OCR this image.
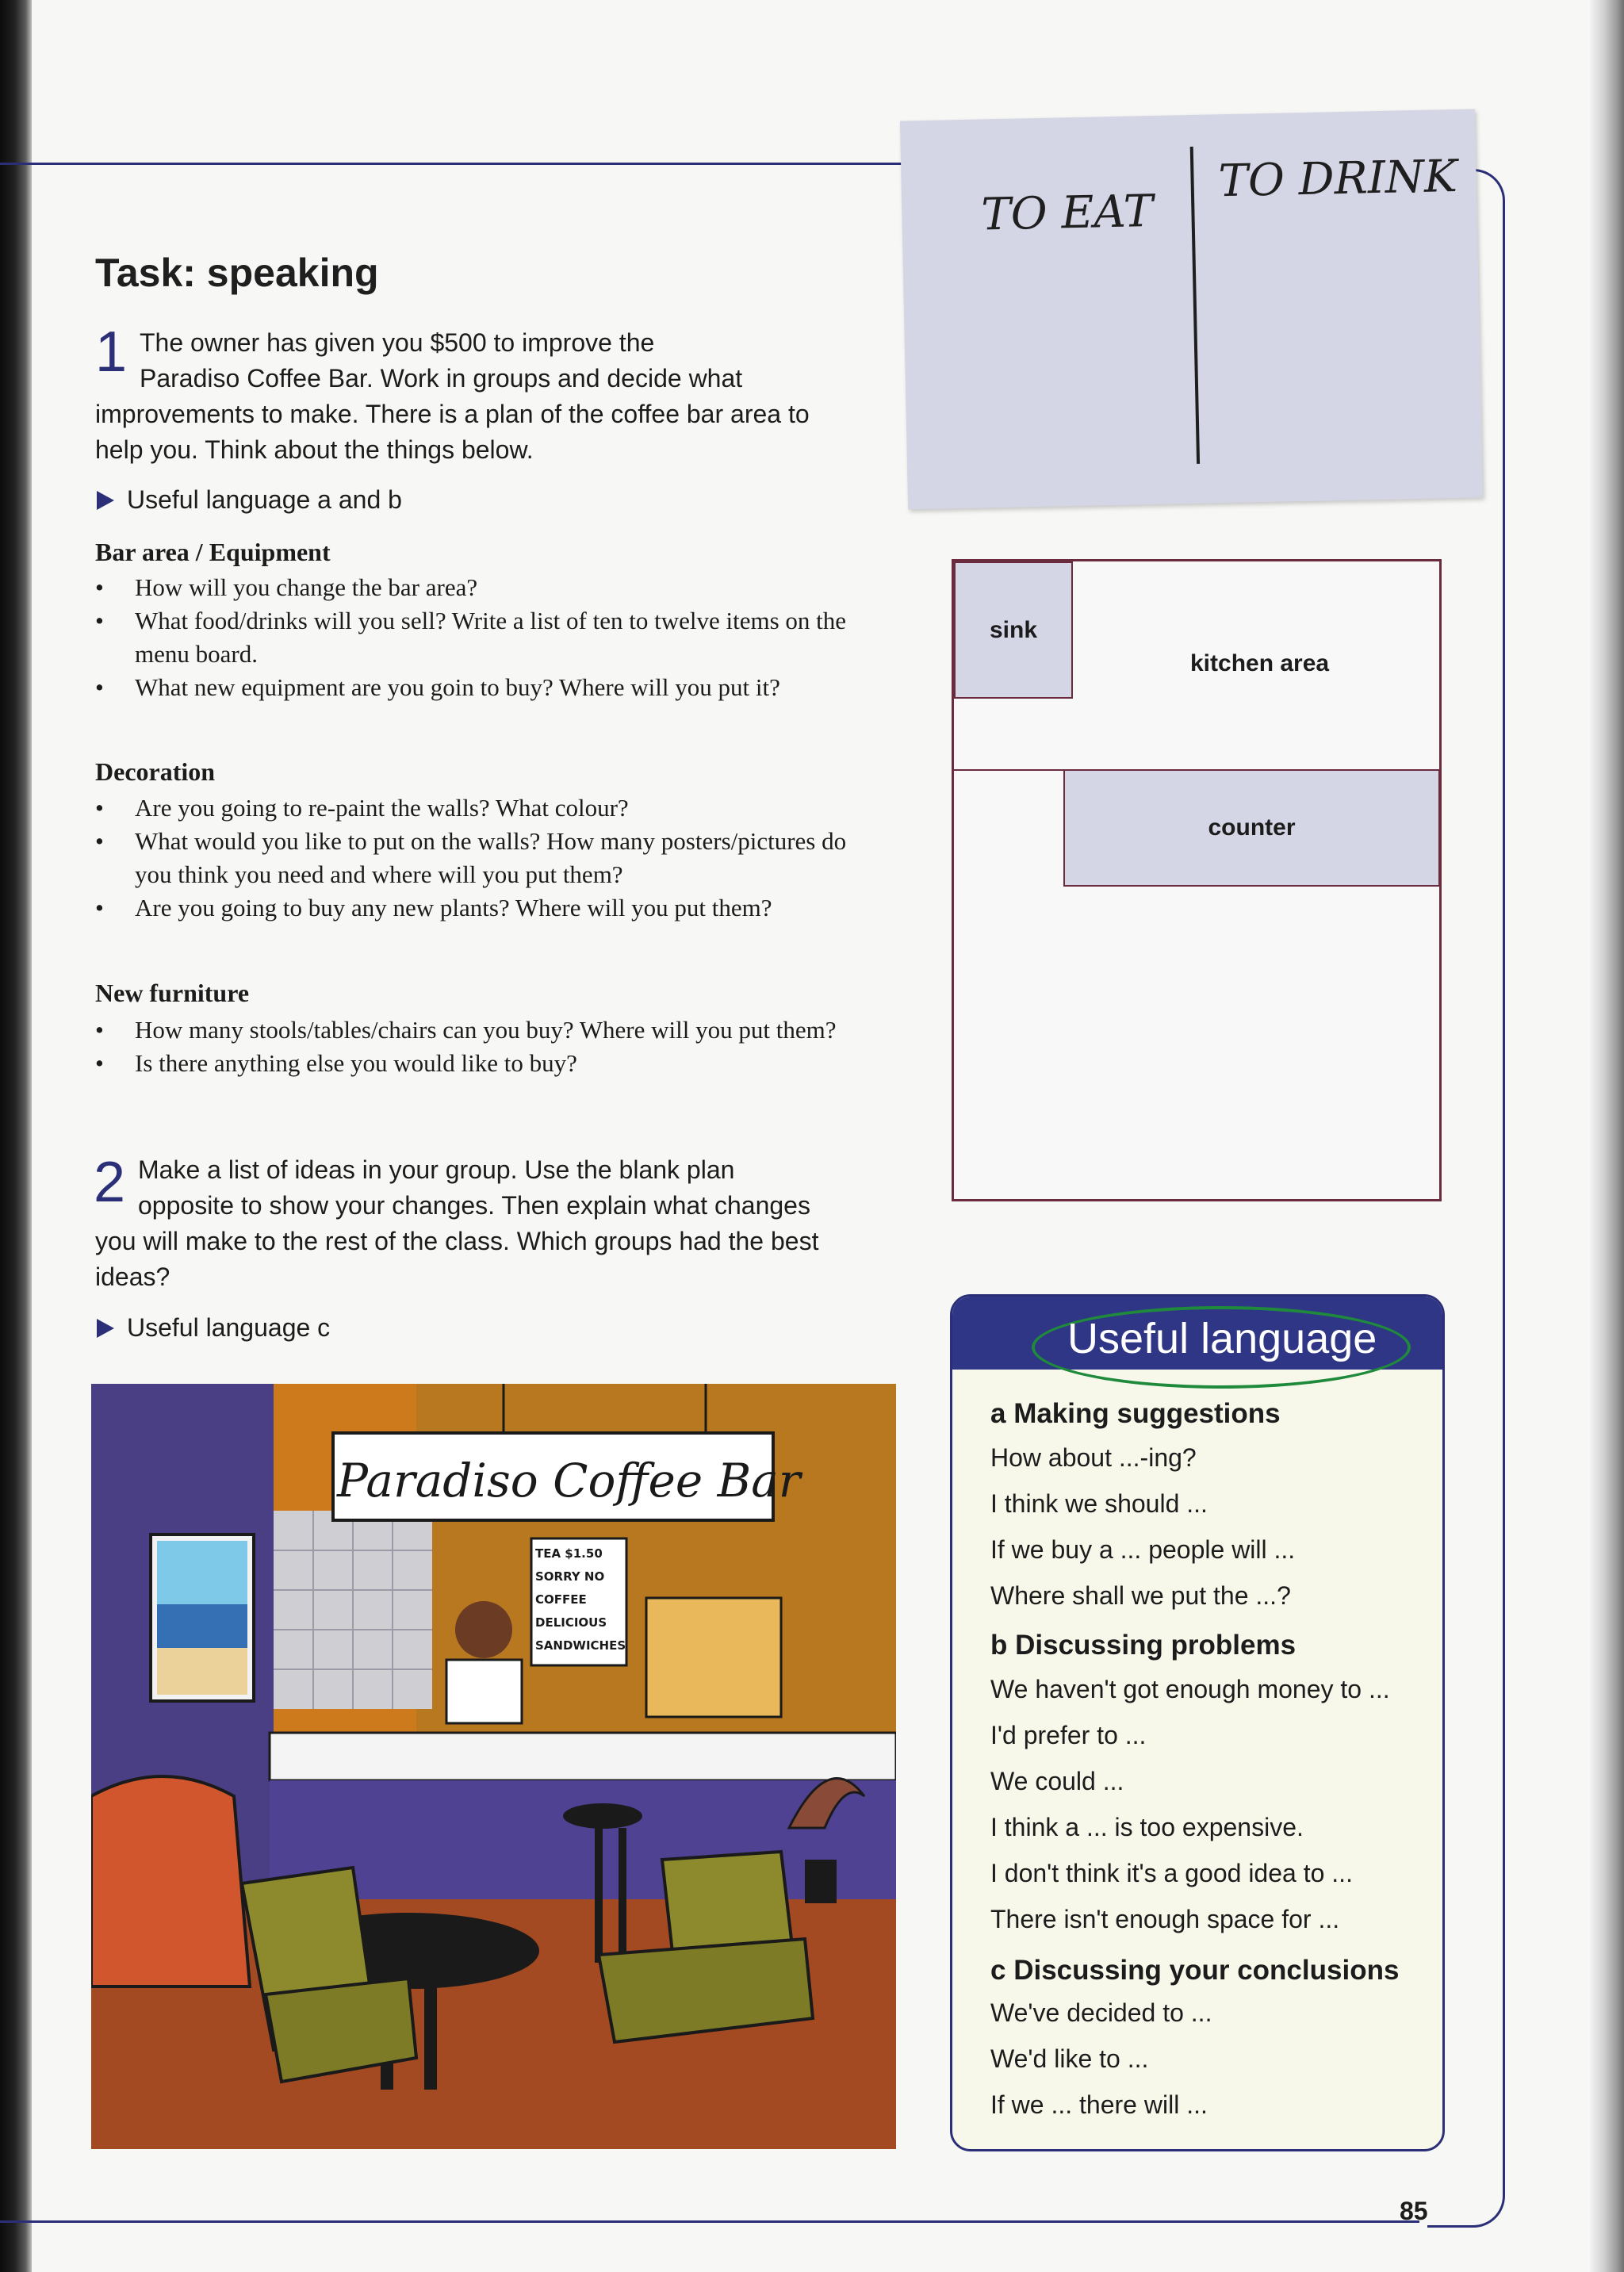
85
Task: speaking
1 The owner has given you $500 to improve the
Paradiso Coffee Bar. Work in groups and decide what
improvements to make. There is a plan of the coffee bar area to
help you. Think about the things below.
Useful language a and b
Bar area / Equipment
• How will you change the bar area?
• What food/drinks will you sell? Write a list of ten to twelve items on the menu board.
• What new equipment are you goin to buy? Where will you put it?
Decoration
• Are you going to re-paint the walls? What colour?
• What would you like to put on the walls? How many posters/pictures do you think you need and where will you put them?
• Are you going to buy any new plants? Where will you put them?
New furniture
• How many stools/tables/chairs can you buy? Where will you put them?
• Is there anything else you would like to buy?
2 Make a list of ideas in your group. Use the blank plan
opposite to show your changes. Then explain what changes
you will make to the rest of the class. Which groups had the best
ideas?
Useful language c
TO EAT
TO DRINK
sink
kitchen area
counter
Paradiso Coffee Bar
TEA $1.50
SORRY NO
COFFEE
DELICIOUS
SANDWICHES
Useful language
a Making suggestions
How about ...-ing?
I think we should ...
If we buy a ... people will ...
Where shall we put the ...?
b Discussing problems
We haven't got enough money to ...
I'd prefer to ...
We could ...
I think a ... is too expensive.
I don't think it's a good idea to ...
There isn't enough space for ...
c Discussing your conclusions
We've decided to ...
We'd like to ...
If we ... there will ...
